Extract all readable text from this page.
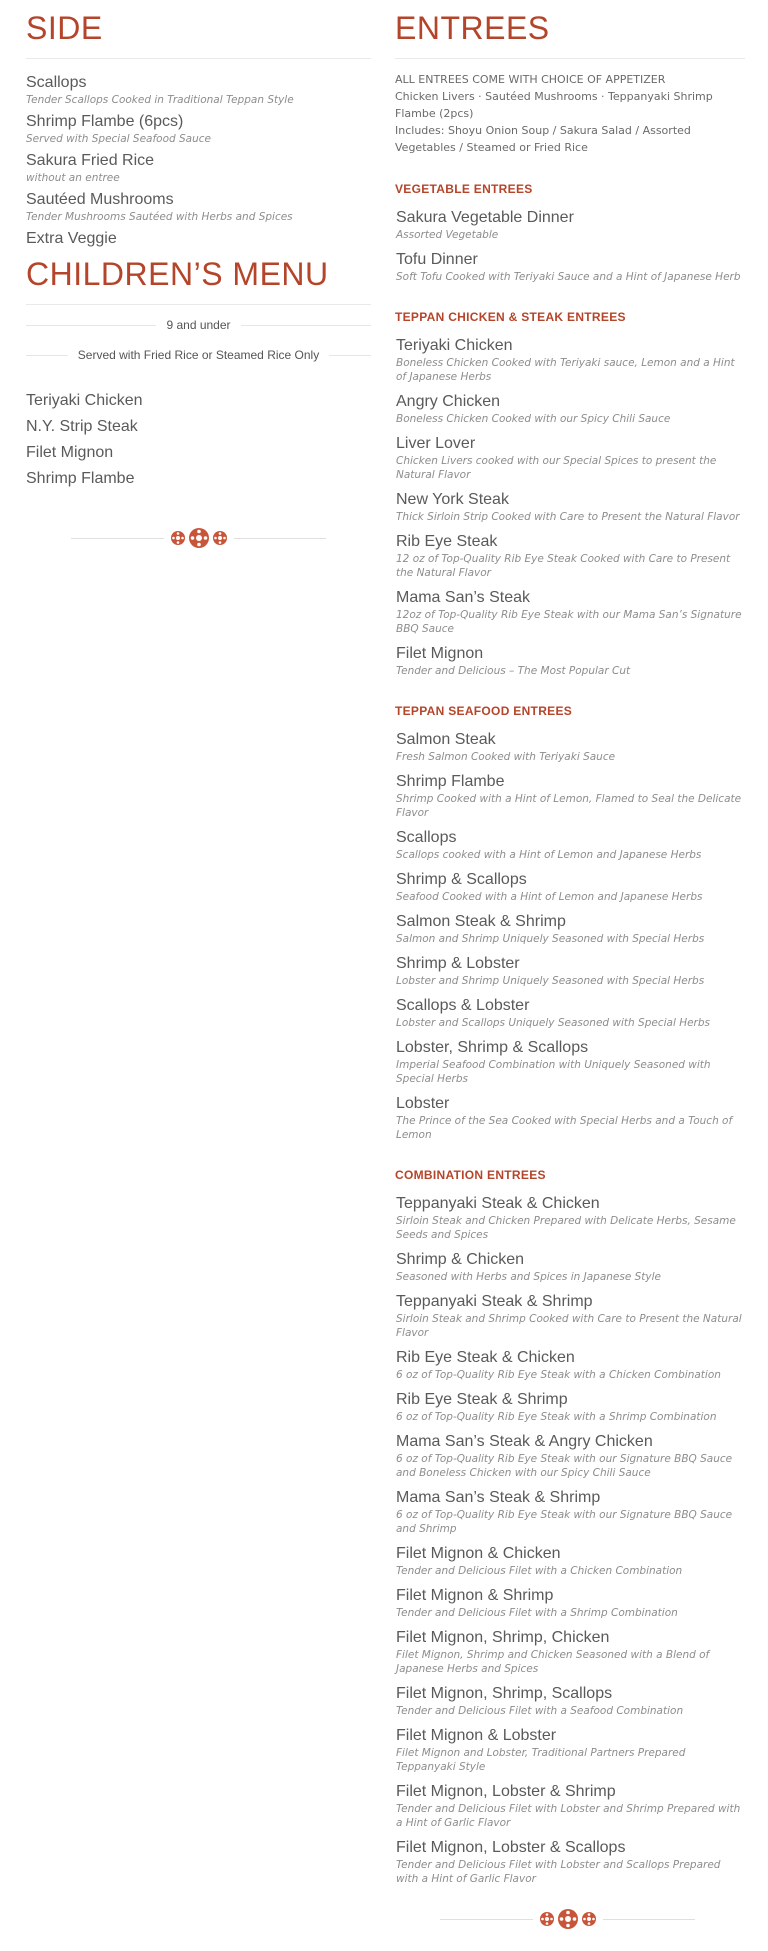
SIDE
Scallops
Tender Scallops Cooked in Traditional Teppan Style
Shrimp Flambe (6pcs)
Served with Special Seafood Sauce
Sakura Fried Rice
without an entree
Sautéed Mushrooms
Tender Mushrooms Sautéed with Herbs and Spices
Extra Veggie
CHILDREN’S MENU
9 and under
Served with Fried Rice or Steamed Rice Only
Teriyaki Chicken
N.Y. Strip Steak
Filet Mignon
Shrimp Flambe
ENTREES
ALL ENTREES COME WITH CHOICE OF APPETIZER
Chicken Livers · Sautéed Mushrooms · Teppanyaki Shrimp Flambe (2pcs)
Includes: Shoyu Onion Soup / Sakura Salad / Assorted Vegetables / Steamed or Fried Rice
VEGETABLE ENTREES
Sakura Vegetable Dinner
Assorted Vegetable
Tofu Dinner
Soft Tofu Cooked with Teriyaki Sauce and a Hint of Japanese Herb
TEPPAN CHICKEN & STEAK ENTREES
Teriyaki Chicken
Boneless Chicken Cooked with Teriyaki sauce, Lemon and a Hint of Japanese Herbs
Angry Chicken
Boneless Chicken Cooked with our Spicy Chili Sauce
Liver Lover
Chicken Livers cooked with our Special Spices to present the Natural Flavor
New York Steak
Thick Sirloin Strip Cooked with Care to Present the Natural Flavor
Rib Eye Steak
12 oz of Top-Quality Rib Eye Steak Cooked with Care to Present the Natural Flavor
Mama San’s Steak
12oz of Top-Quality Rib Eye Steak with our Mama San’s Signature BBQ Sauce
Filet Mignon
Tender and Delicious – The Most Popular Cut
TEPPAN SEAFOOD ENTREES
Salmon Steak
Fresh Salmon Cooked with Teriyaki Sauce
Shrimp Flambe
Shrimp Cooked with a Hint of Lemon, Flamed to Seal the Delicate Flavor
Scallops
Scallops cooked with a Hint of Lemon and Japanese Herbs
Shrimp & Scallops
Seafood Cooked with a Hint of Lemon and Japanese Herbs
Salmon Steak & Shrimp
Salmon and Shrimp Uniquely Seasoned with Special Herbs
Shrimp & Lobster
Lobster and Shrimp Uniquely Seasoned with Special Herbs
Scallops & Lobster
Lobster and Scallops Uniquely Seasoned with Special Herbs
Lobster, Shrimp & Scallops
Imperial Seafood Combination with Uniquely Seasoned with Special Herbs
Lobster
The Prince of the Sea Cooked with Special Herbs and a Touch of Lemon
COMBINATION ENTREES
Teppanyaki Steak & Chicken
Sirloin Steak and Chicken Prepared with Delicate Herbs, Sesame Seeds and Spices
Shrimp & Chicken
Seasoned with Herbs and Spices in Japanese Style
Teppanyaki Steak & Shrimp
Sirloin Steak and Shrimp Cooked with Care to Present the Natural Flavor
Rib Eye Steak & Chicken
6 oz of Top-Quality Rib Eye Steak with a Chicken Combination
Rib Eye Steak & Shrimp
6 oz of Top-Quality Rib Eye Steak with a Shrimp Combination
Mama San’s Steak & Angry Chicken
6 oz of Top-Quality Rib Eye Steak with our Signature BBQ Sauce and Boneless Chicken with our Spicy Chili Sauce
Mama San’s Steak & Shrimp
6 oz of Top-Quality Rib Eye Steak with our Signature BBQ Sauce and Shrimp
Filet Mignon & Chicken
Tender and Delicious Filet with a Chicken Combination
Filet Mignon & Shrimp
Tender and Delicious Filet with a Shrimp Combination
Filet Mignon, Shrimp, Chicken
Filet Mignon, Shrimp and Chicken Seasoned with a Blend of Japanese Herbs and Spices
Filet Mignon, Shrimp, Scallops
Tender and Delicious Filet with a Seafood Combination
Filet Mignon & Lobster
Filet Mignon and Lobster, Traditional Partners Prepared Teppanyaki Style
Filet Mignon, Lobster & Shrimp
Tender and Delicious Filet with Lobster and Shrimp Prepared with a Hint of Garlic Flavor
Filet Mignon, Lobster & Scallops
Tender and Delicious Filet with Lobster and Scallops Prepared with a Hint of Garlic Flavor
